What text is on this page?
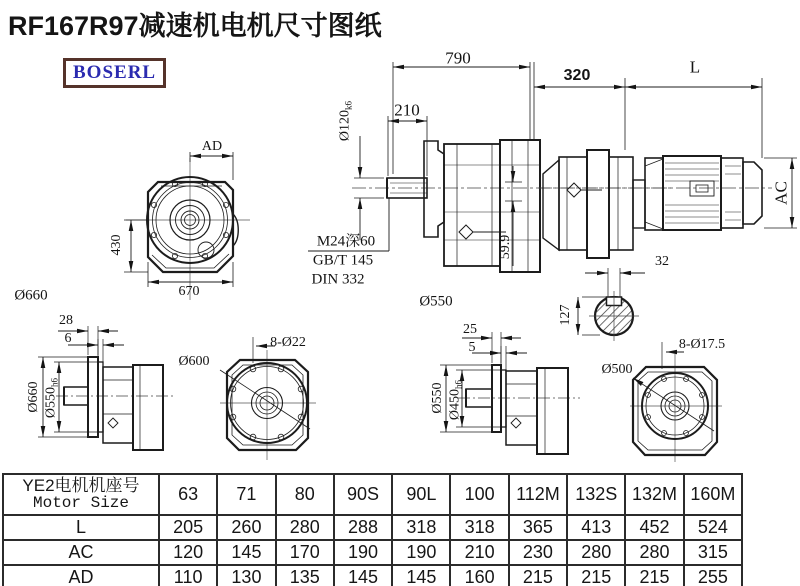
RF167R97减速机电机尺寸图纸
BOSERL
AD
430
670
790
210
$Ø120_{k6}$
M24深60
GB/T 145
DIN 332
59.9
320	L
AC
32
127
Ø660
28
6
Ø660 $Ø550_{h6}$
8-Ø22
Ø600
Ø550
25
5
Ø550 $Ø450_{h6}$
8-Ø17.5
Ø500
YE2电机机座号
Motor Size	63	71	80	90S	90L	100	112M	132S	132M	160M
L	205	260	280	288	318	318	365	413	452	524
AC	120	145	170	190	190	210	230	280	280	315
AD	110	130	135	145	145	160	215	215	215	255
